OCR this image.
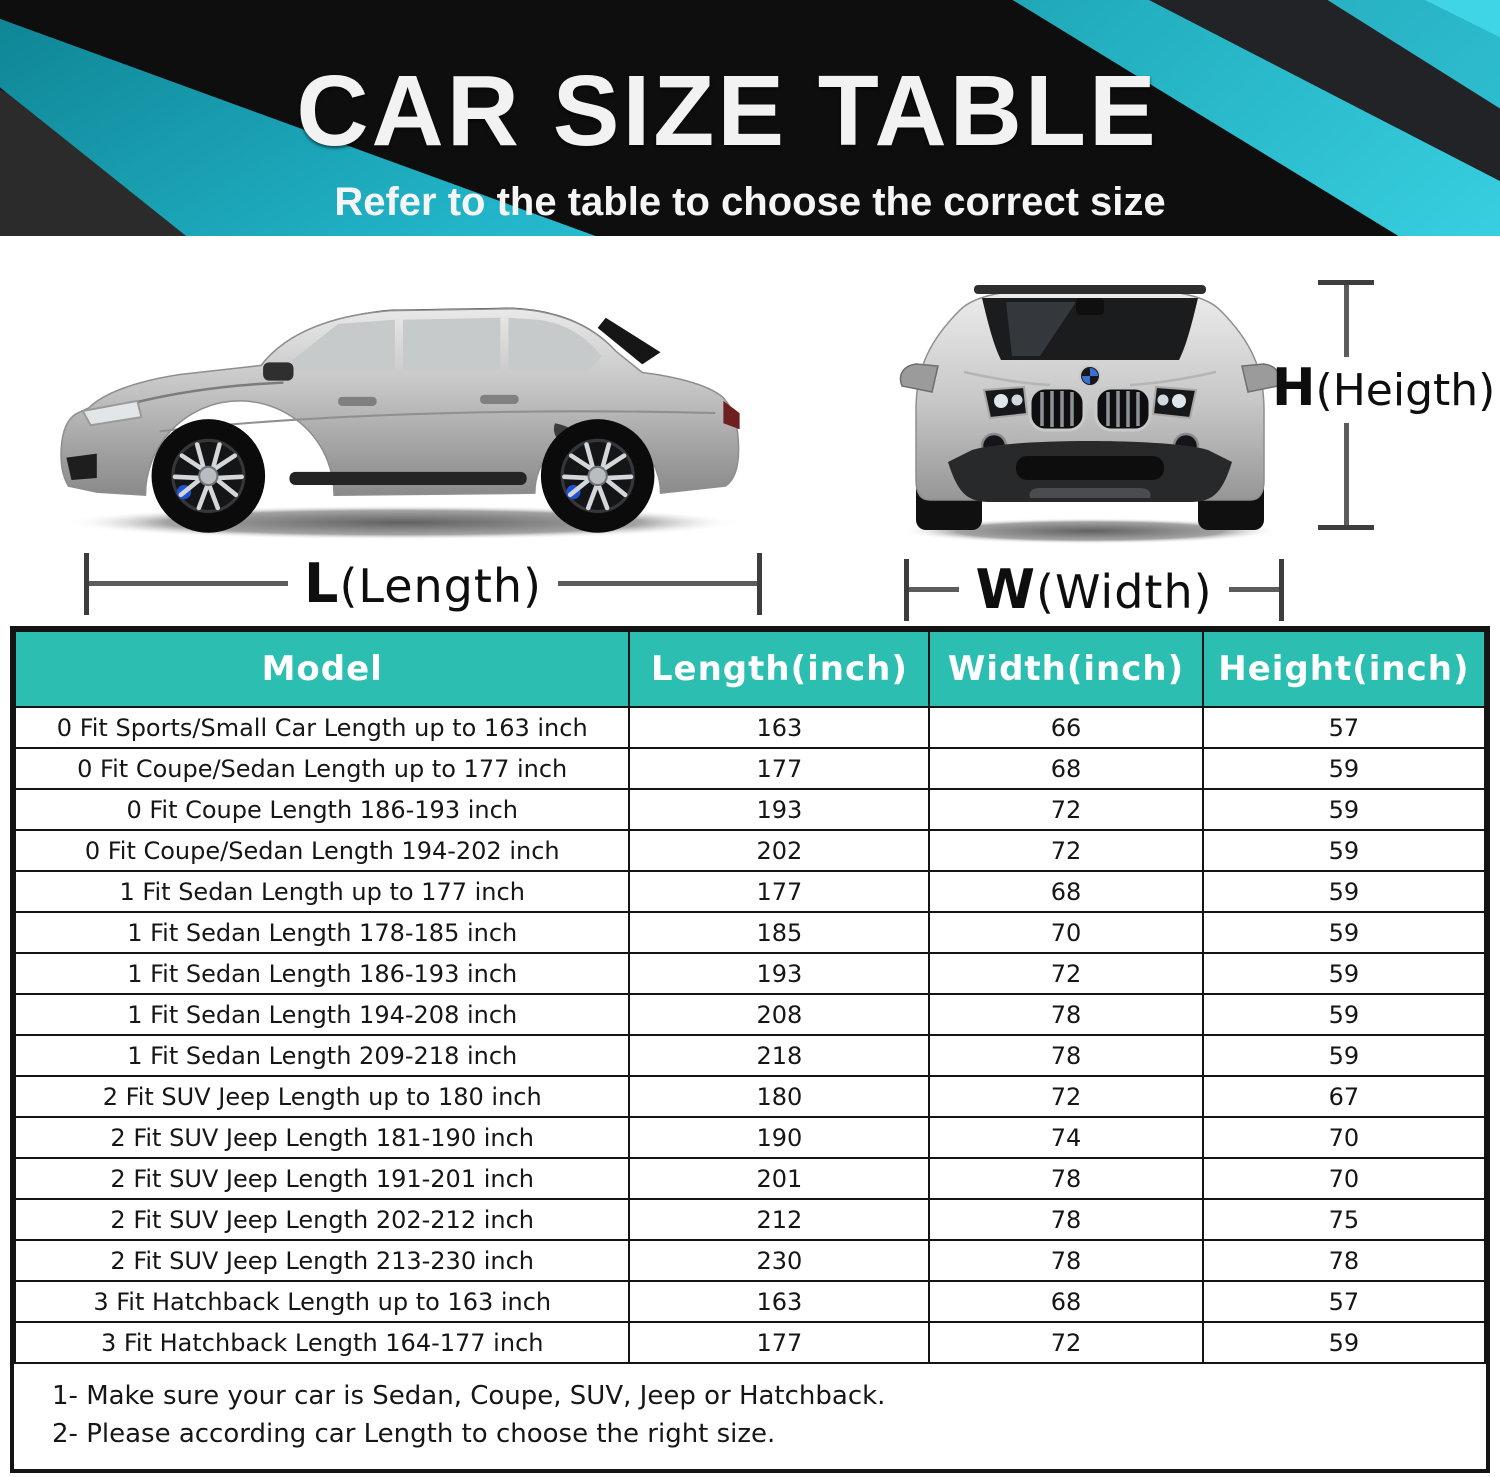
CAR SIZE TABLE
Refer to the table to choose the correct size
L(Length)	W(Width)
H(Heigth)
Model	Length(inch)	Width(inch)	Height(inch)
0 Fit Sports/Small Car Length up to 163 inch	163	66	57
0 Fit Coupe/Sedan Length up to 177 inch	177	68	59
0 Fit Coupe Length 186-193 inch	193	72	59
0 Fit Coupe/Sedan Length 194-202 inch	202	72	59
1 Fit Sedan Length up to 177 inch	177	68	59
1 Fit Sedan Length 178-185 inch	185	70	59
1 Fit Sedan Length 186-193 inch	193	72	59
1 Fit Sedan Length 194-208 inch	208	78	59
1 Fit Sedan Length 209-218 inch	218	78	59
2 Fit SUV Jeep Length up to 180 inch	180	72	67
2 Fit SUV Jeep Length 181-190 inch	190	74	70
2 Fit SUV Jeep Length 191-201 inch	201	78	70
2 Fit SUV Jeep Length 202-212 inch	212	78	75
2 Fit SUV Jeep Length 213-230 inch	230	78	78
3 Fit Hatchback Length up to 163 inch	163	68	57
3 Fit Hatchback Length 164-177 inch	177	72	59
1- Make sure your car is Sedan, Coupe, SUV, Jeep or Hatchback.
2- Please according car Length to choose the right size.
